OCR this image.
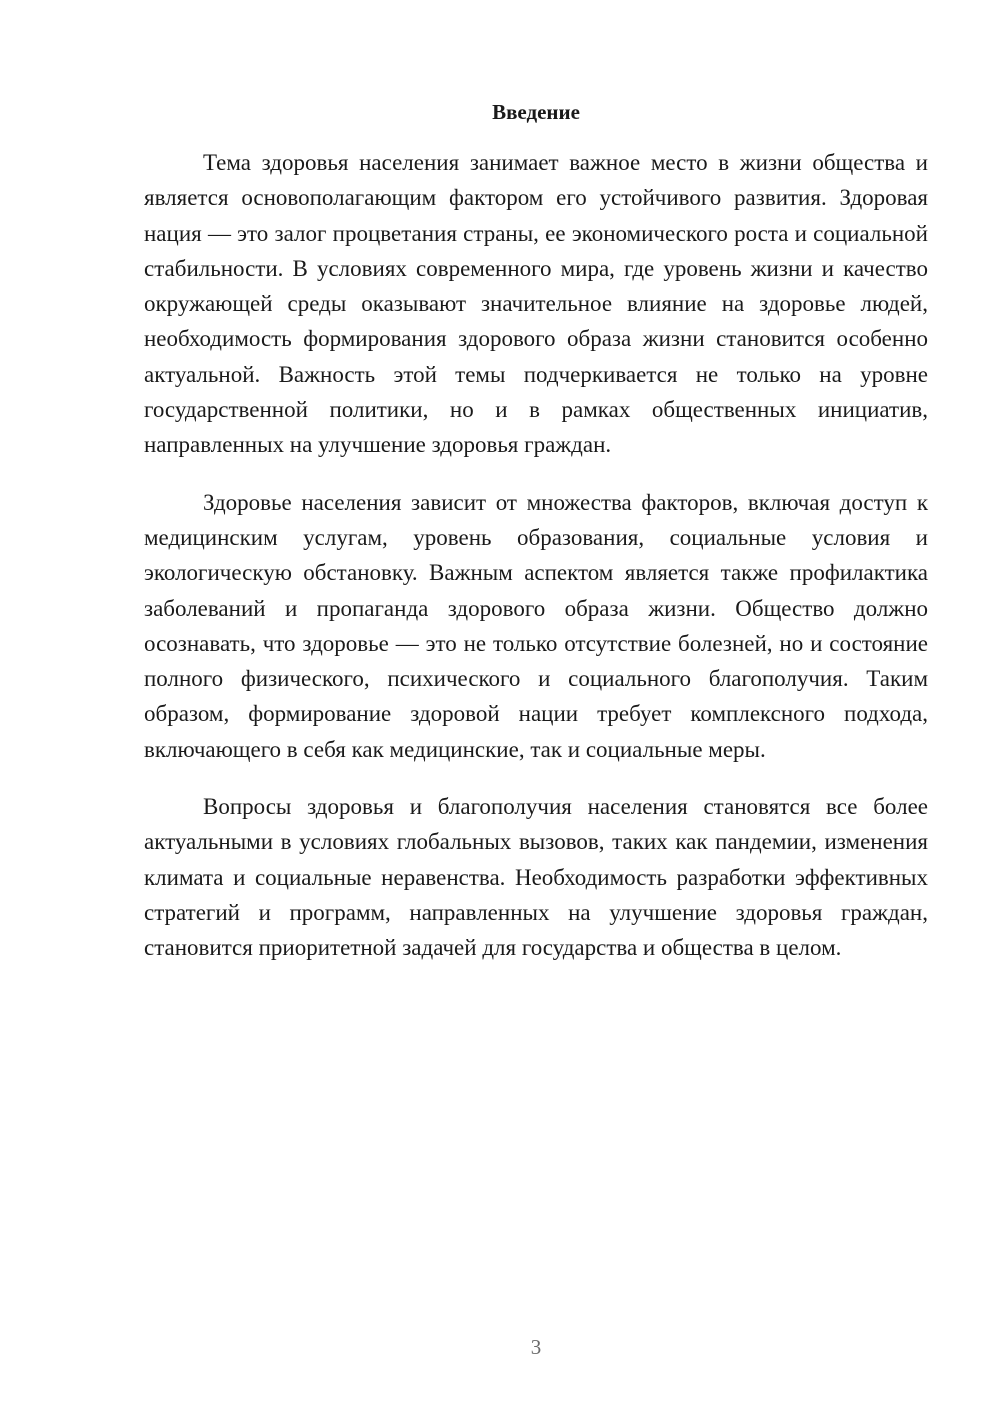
Введение

Тема здоровья населения занимает важное место в жизни общества и является основополагающим фактором его устойчивого развития. Здоровая нация — это залог процветания страны, ее экономического роста и социальной стабильности. В условиях современного мира, где уровень жизни и качество окружающей среды оказывают значительное влияние на здоровье людей, необходимость формирования здорового образа жизни становится особенно актуальной. Важность этой темы подчеркивается не только на уровне государственной политики, но и в рамках общественных инициатив, направленных на улучшение здоровья граждан.

Здоровье населения зависит от множества факторов, включая доступ к медицинским услугам, уровень образования, социальные условия и экологическую обстановку. Важным аспектом является также профилактика заболеваний и пропаганда здорового образа жизни. Общество должно осознавать, что здоровье — это не только отсутствие болезней, но и состояние полного физического, психического и социального благополучия. Таким образом, формирование здоровой нации требует комплексного подхода, включающего в себя как медицинские, так и социальные меры.

Вопросы здоровья и благополучия населения становятся все более актуальными в условиях глобальных вызовов, таких как пандемии, изменения климата и социальные неравенства. Необходимость разработки эффективных стратегий и программ, направленных на улучшение здоровья граждан, становится приоритетной задачей для государства и общества в целом.

3
